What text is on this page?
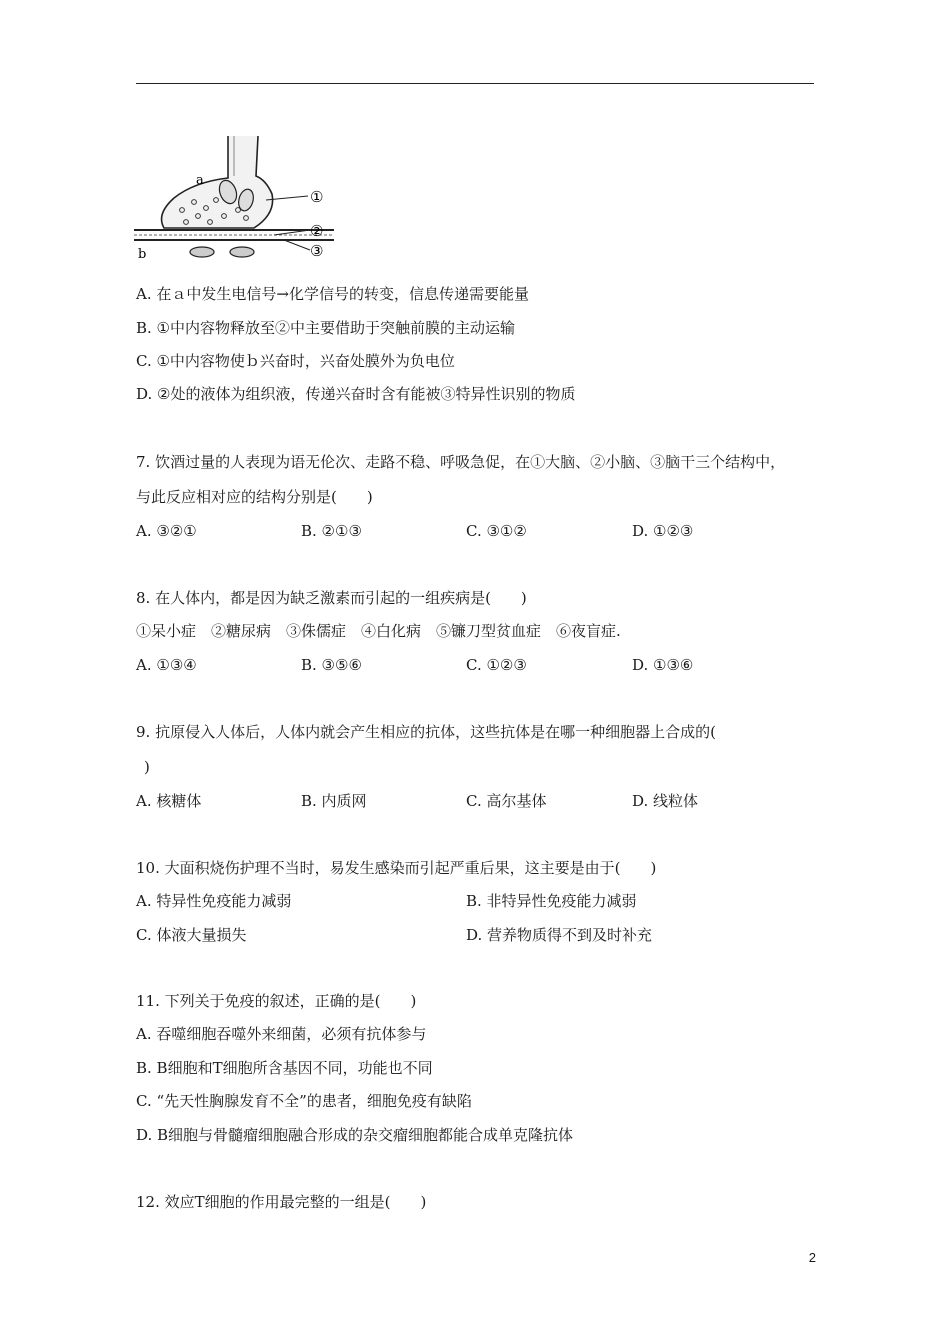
a
b
①
②
③
A. 在ａ中发生电信号→化学信号的转变，信息传递需要能量
B. ①中内容物释放至②中主要借助于突触前膜的主动运输
C. ①中内容物使ｂ兴奋时，兴奋处膜外为负电位
D. ②处的液体为组织液，传递兴奋时含有能被③特异性识别的物质
7. 饮酒过量的人表现为语无伦次、走路不稳、呼吸急促，在①大脑、②小脑、③脑干三个结构中，
与此反应相对应的结构分别是(　　)
A. ③②①	B. ②①③	C. ③①②	D. ①②③
8. 在人体内，都是因为缺乏激素而引起的一组疾病是(　　)
①呆小症　②糖尿病　③侏儒症　④白化病　⑤镰刀型贫血症　⑥夜盲症.
A. ①③④	B. ③⑤⑥	C. ①②③	D. ①③⑥
9. 抗原侵入人体后，人体内就会产生相应的抗体，这些抗体是在哪一种细胞器上合成的(
)
A. 核糖体	B. 内质网	C. 高尔基体	D. 线粒体
10. 大面积烧伤护理不当时，易发生感染而引起严重后果，这主要是由于(　　)
A. 特异性免疫能力减弱	B. 非特异性免疫能力减弱
C. 体液大量损失	D. 营养物质得不到及时补充
11. 下列关于免疫的叙述，正确的是(　　)
A. 吞噬细胞吞噬外来细菌，必须有抗体参与
B. B细胞和T细胞所含基因不同，功能也不同
C. “先天性胸腺发育不全”的患者，细胞免疫有缺陷
D. B细胞与骨髓瘤细胞融合形成的杂交瘤细胞都能合成单克隆抗体
12. 效应T细胞的作用最完整的一组是(　　)
2
